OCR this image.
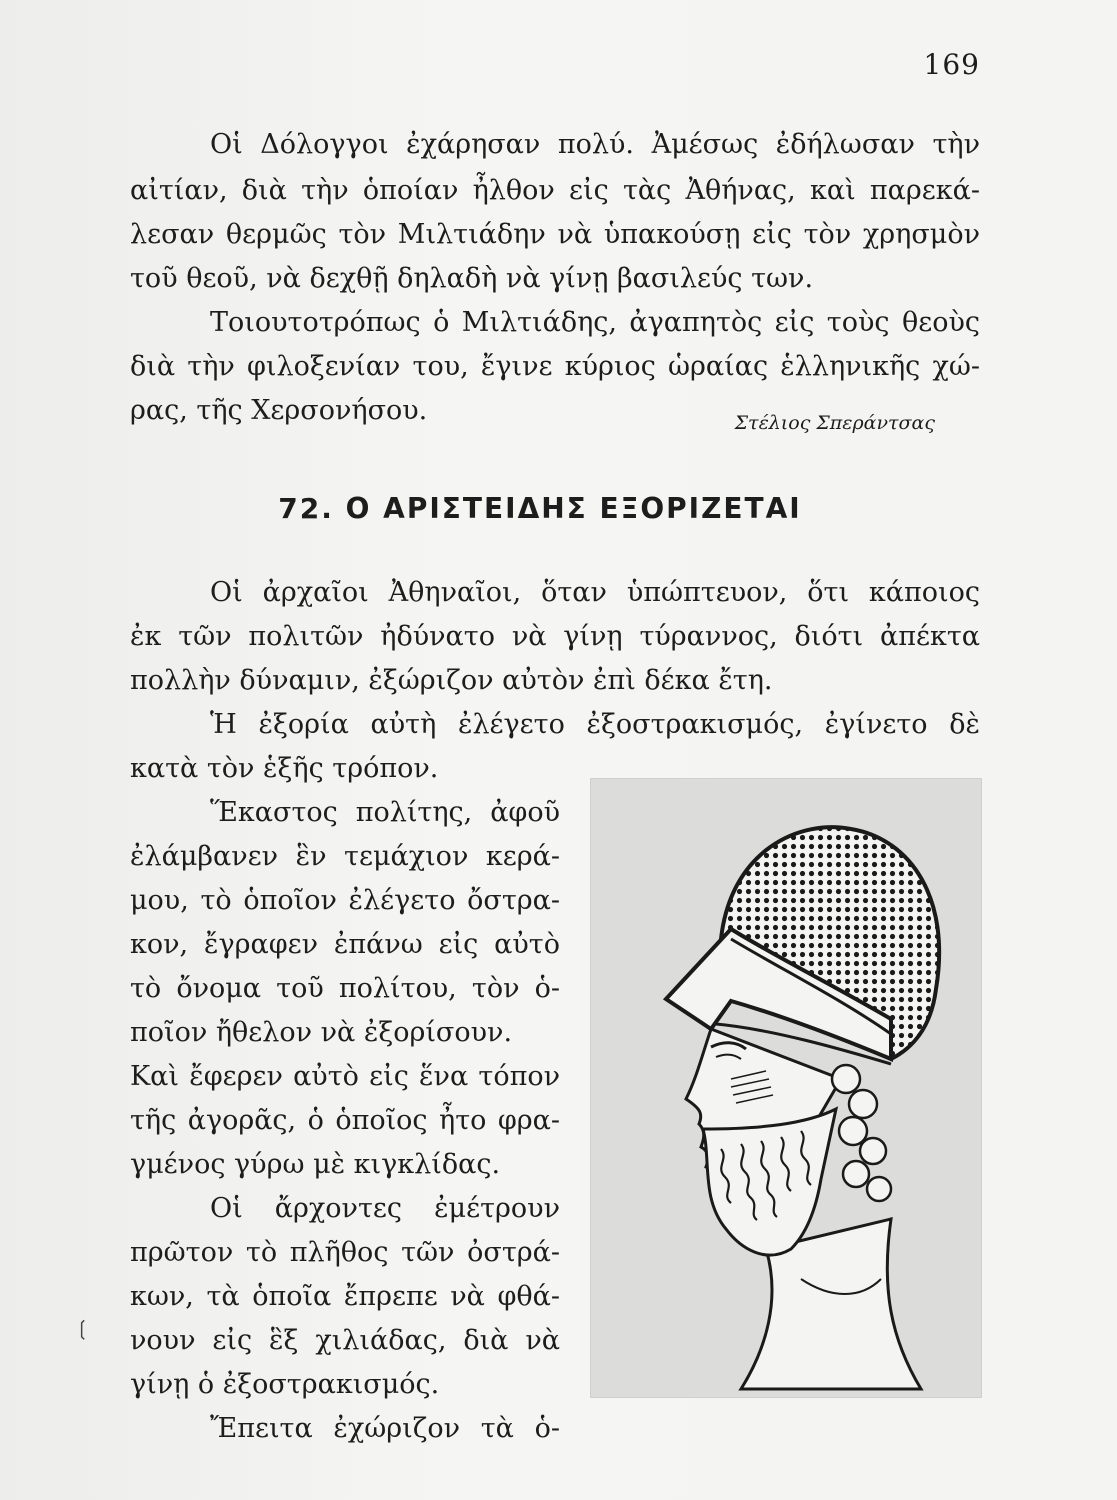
169
Οἱ Δόλογγοι ἐχάρησαν πολύ. Ἀμέσως ἐδήλωσαν τὴν
αἰτίαν, διὰ τὴν ὁποίαν ἦλθον εἰς τὰς Ἀθήνας, καὶ παρεκά-
λεσαν θερμῶς τὸν Μιλτιάδην νὰ ὑπακούσῃ εἰς τὸν χρησμὸν
τοῦ θεοῦ, νὰ δεχθῇ δηλαδὴ νὰ γίνῃ βασιλεύς των.
Τοιουτοτρόπως ὁ Μιλτιάδης, ἀγαπητὸς εἰς τοὺς θεοὺς
διὰ τὴν φιλοξενίαν του, ἔγινε κύριος ὡραίας ἑλληνικῆς χώ-
ρας, τῆς Χερσονήσου.	Στέλιος Σπεράντσας
72. Ο ΑΡΙΣΤΕΙΔΗΣ ΕΞΟΡΙΖΕΤΑΙ
Οἱ ἀρχαῖοι Ἀθηναῖοι, ὅταν ὑπώπτευον, ὅτι κάποιος
ἐκ τῶν πολιτῶν ἠδύνατο νὰ γίνῃ τύραννος, διότι ἀπέκτα
πολλὴν δύναμιν, ἐξώριζον αὐτὸν ἐπὶ δέκα ἔτη.
Ἡ ἐξορία αὐτὴ ἐλέγετο ἐξοστρακισμός, ἐγίνετο δὲ
κατὰ τὸν ἑξῆς τρόπον.
Ἕκαστος πολίτης, ἀφοῦ
ἐλάμβανεν ἓν τεμάχιον κερά-
μου, τὸ ὁποῖον ἐλέγετο ὄστρα-
κον, ἔγραφεν ἐπάνω εἰς αὐτὸ
τὸ ὄνομα τοῦ πολίτου, τὸν ὁ-
ποῖον ἤθελον νὰ ἐξορίσουν.
Καὶ ἔφερεν αὐτὸ εἰς ἕνα τόπον
τῆς ἀγορᾶς, ὁ ὁποῖος ἦτο φρα-
γμένος γύρω μὲ κιγκλίδας.
Οἱ ἄρχοντες ἐμέτρουν
πρῶτον τὸ πλῆθος τῶν ὀστρά-
κων, τὰ ὁποῖα ἔπρεπε νὰ φθά-
νουν εἰς ἓξ χιλιάδας, διὰ νὰ
γίνῃ ὁ ἐξοστρακισμός.
Ἔπειτα ἐχώριζον τὰ ὁ-
❲
